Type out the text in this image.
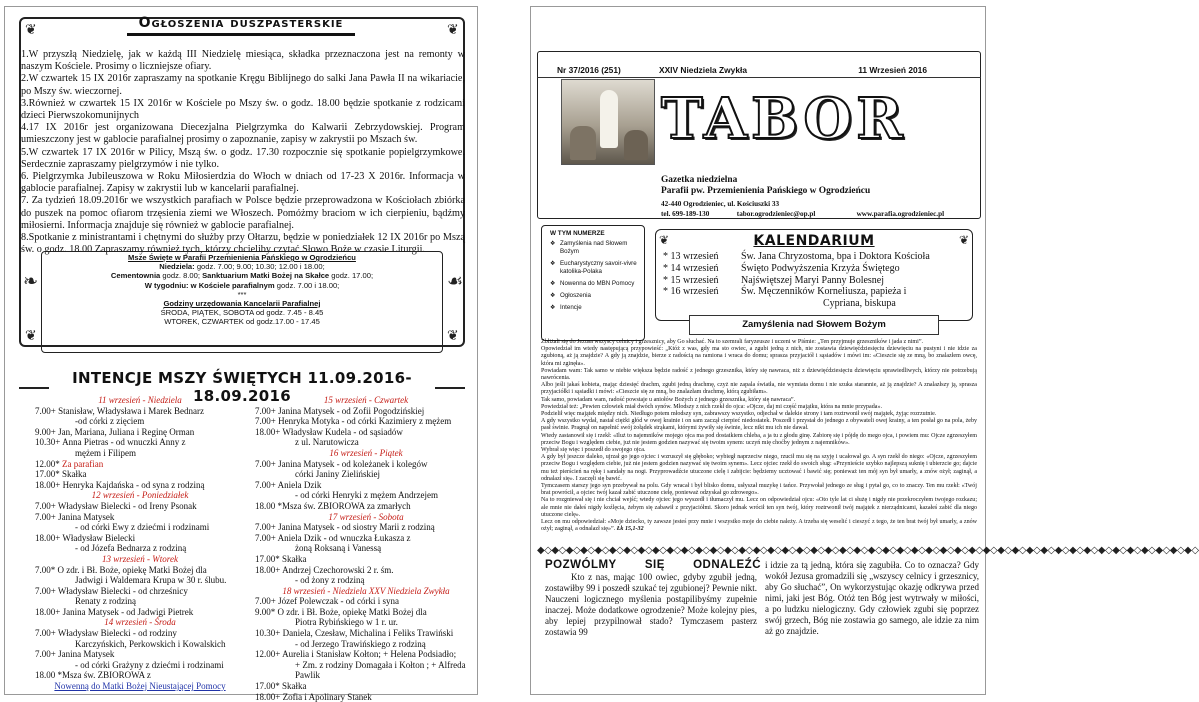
❦	❦
❦	❦
Ogłoszenia duszpasterskie

1.W przyszłą Niedzielę, jak w każdą III Niedzielę miesiąca, składka przeznaczona jest na remonty w naszym Kościele. Prosimy o liczniejsze ofiary.

2.W czwartek 15 IX 2016r zapraszamy na spotkanie Kręgu Biblijnego do salki Jana Pawła II na wikariacie, po Mszy św. wieczornej.

3.Również w czwartek 15 IX 2016r w Kościele po Mszy św. o godz. 18.00 będzie spotkanie z rodzicami dzieci Pierwszokomunijnych

4.17 IX 2016r jest organizowana Diecezjalna Pielgrzymka do Kalwarii Zebrzydowskiej. Program umieszczony jest w gablocie parafialnej prosimy o zapoznanie, zapisy w zakrystii po Mszach św.

5.W czwartek 17 IX 2016r w Pilicy, Mszą św. o godz. 17.30 rozpocznie się spotkanie popielgrzymkowe. Serdecznie zapraszamy pielgrzymów i nie tylko.

6. Pielgrzymka Jubileuszowa w Roku Miłosierdzia do Włoch w dniach od 17-23 X 2016r. Informacja w gablocie parafialnej. Zapisy w zakrystii lub w kancelarii parafialnej.

7. Za tydzień 18.09.2016r we wszystkich parafiach w Polsce będzie przeprowadzona w Kościołach zbiórka do puszek na pomoc ofiarom trzęsienia ziemi we Włoszech. Pomóżmy braciom w ich cierpieniu, bądźmy miłosierni. Informacja znajduje się również w gablocie parafialnej.

8.Spotkanie z ministrantami i chętnymi do służby przy Ołtarzu, będzie w poniedziałek 12 IX 2016r po Mszą św. o godz. 18.00 Zapraszamy również tych, którzy chcieliby czytać Słowo Boże w czasie Liturgii.

Msze Święte w Parafii Przemienienia Pańskiego w Ogrodzieńcu
Niedziela: godz. 7.00; 9.00; 10.30; 12.00 i 18.00;
Cementownia godz. 8.00; Sanktuarium Matki Bożej na Skałce godz. 17.00;
W tygodniu: w Kościele parafialnym godz. 7.00 i 18.00;
***
Godziny urzędowania Kancelarii Parafialnej
ŚRODA, PIĄTEK, SOBOTA od godz. 7.45 - 8.45
WTOREK, CZWARTEK od godz.17.00 - 17.45
❧	☙
INTENCJE MSZY ŚWIĘTYCH 11.09.2016-18.09.2016
11 wrzesień - Niedziela
7.00+ Stanisław, Władysława i Marek Bednarz
-od córki z zięciem
9.00+ Jan, Mariana, Juliana i Reginę Orman
10.30+ Anna Pietras - od wnuczki Anny z
mężem i Filipem
12.00* Za parafian
17.00* Skałka
18.00+ Henryka Kajdańska - od syna z rodziną
12 wrzesień - Poniedziałek
7.00+ Władysław Bielecki - od Ireny Psonak
7.00+ Janina Matysek
- od córki Ewy z dziećmi i rodzinami
18.00+ Władysław Bielecki
- od Józefa Bednarza z rodziną
13 wrzesień - Wtorek
7.00* O zdr. i Bł. Boże, opiekę Matki Bożej dla
Jadwigi i Waldemara Krupa w 30 r. ślubu.
7.00+ Władysław Bielecki - od chrześnicy
Renaty z rodziną
18.00+ Janina Matysek - od Jadwigi Pietrek
14 wrzesień - Środa
7.00+ Władysław Bielecki - od rodziny
Karczyńskich, Perkowskich i Kowalskich
7.00+ Janina Matysek
- od córki Grażyny z dziećmi i rodzinami
18.00 *Msza św. ZBIOROWA z
Nowenną do Matki Bożej Nieustającej Pomocy
15 wrzesień - Czwartek
7.00+ Janina Matysek - od Zofii Pogodzińskiej
7.00+ Henryka Motyka - od córki Kazimiery z mężem
18.00+ Władysław Kudela - od sąsiadów
z ul. Narutowicza
16 wrzesień - Piątek
7.00+ Janina Matysek - od koleżanek i kolegów
córki Janiny Zielińskiej
7.00+ Aniela Dzik
- od córki Henryki z mężem Andrzejem
18.00 *Msza św. ZBIOROWA za zmarłych
17 wrzesień - Sobota
7.00+ Janina Matysek - od siostry Marii z rodziną
7.00+ Aniela Dzik - od wnuczka Łukasza z
żoną Roksaną i Vanessą
17.00* Skałka
18.00+ Andrzej Czechorowski 2 r. śm.
- od żony z rodziną
18 wrzesień - Niedziela XXV Niedziela Zwykła
7.00+ Józef Polewczak - od córki i syna
9.00* O zdr. i Bł. Boże, opiekę Matki Bożej dla
Piotra Rybińskiego w 1 r. ur.
10.30+ Daniela, Czesław, Michalina i Feliks Trawiński
- od Jerzego Trawińskiego z rodziną
12.00+ Aurelia i Stanisław Kołton; + Helena Podsiadło;
+ Zm. z rodziny Domagała i Kołton ; + Alfreda Pawlik
17.00* Skałka
18.00+ Zofia i Apolinary Stanek
Nr 37/2016 (251)	XXIV Niedziela Zwykła	11 Wrzesień 2016
TABOR
Gazetka niedzielna
Parafii pw. Przemienienia Pańskiego w Ogrodzieńcu
42-440 Ogrodzieniec, ul. Kościuszki 33
tel. 699-189-130	tabor.ogrodzieniec@op.pl	www.parafia.ogrodzieniec.pl
W TYM NUMERZE
❖ Zamyślenia nad Słowem Bożym
❖ Eucharystyczny savoir-vivre katolika-Polaka
❖ Nowenna do MBN Pomocy
❖ Ogłoszenia
❖ Intencje
❦	❦
KALENDARIUM
* 13 wrzesień Św. Jana Chryzostoma, bpa i Doktora Kościoła
* 14 wrzesień Święto Podwyższenia Krzyża Świętego
* 15 wrzesień Najświętszej Maryi Panny Bolesnej
* 16 wrzesień Św. Męczenników Korneliusza, papieża i
Cypriana, biskupa
Zamyślenia nad Słowem Bożym

Zbliżali się do Jezusa wszyscy celnicy i grzesznicy, aby Go słuchać. Na to szemrali faryzeusze i uczeni w Piśmie: „Ten przyjmuje grzeszników i jada z nimi”.

Opowiedział im wtedy następującą przypowieść: „Któż z was, gdy ma sto owiec, a zgubi jedną z nich, nie zostawia dziewięćdziesięciu dziewięciu na pustyni i nie idzie za zgubioną, aż ją znajdzie? A gdy ją znajdzie, bierze z radością na ramiona i wraca do domu; sprasza przyjaciół i sąsiadów i mówi im: «Cieszcie się ze mną, bo znalazłem owcę, która mi zginęła».

Powiadam wam: Tak samo w niebie większa będzie radość z jednego grzesznika, który się nawraca, niż z dziewięćdziesięciu dziewięciu sprawiedliwych, którzy nie potrzebują nawrócenia.

Albo jeśli jakaś kobieta, mając dziesięć drachm, zgubi jedną drachmę, czyż nie zapala światła, nie wymiata domu i nie szuka starannie, aż ją znajdzie? A znalazłszy ją, sprasza przyjaciółki i sąsiadki i mówi: «Cieszcie się ze mną, bo znalazłam drachmę, którą zgubiłam».

Tak samo, powiadam wam, radość powstaje u aniołów Bożych z jednego grzesznika, który się nawraca”.

Powiedział też: „Pewien człowiek miał dwóch synów. Młodszy z nich rzekł do ojca: «Ojcze, daj mi część majątku, która na mnie przypada».

Podzielił więc majątek między nich. Niedługo potem młodszy syn, zabrawszy wszystko, odjechał w dalekie strony i tam roztrwonił swój majątek, żyjąc rozrzutnie.

A gdy wszystko wydał, nastał ciężki głód w owej krainie i on sam zaczął cierpieć niedostatek. Poszedł i przystał do jednego z obywateli owej krainy, a ten posłał go na pola, żeby pasł świnie. Pragnął on napełnić swój żołądek strąkami, którymi żywiły się świnie, lecz nikt mu ich nie dawał.

Wtedy zastanowił się i rzekł: «Iluż to najemników mojego ojca ma pod dostatkiem chleba, a ja tu z głodu ginę. Zabiorę się i pójdę do mego ojca, i powiem mu: Ojcze zgrzeszyłem przeciw Bogu i względem ciebie, już nie jestem godzien nazywać się twoim synem: uczyń mię choćby jednym z najemników».

Wybrał się więc i poszedł do swojego ojca.

A gdy był jeszcze daleko, ujrzał go jego ojciec i wzruszył się głęboko; wybiegł naprzeciw niego, rzucił mu się na szyję i ucałował go. A syn rzekł do niego: «Ojcze, zgrzeszyłem przeciw Bogu i względem ciebie, już nie jestem godzien nazywać się twoim synem». Lecz ojciec rzekł do swoich sług: «Przynieście szybko najlepszą suknię i ubierzcie go; dajcie mu też pierścień na rękę i sandały na nogi. Przyprowadźcie utuczone cielę i zabijcie: będziemy ucztować i bawić się; ponieważ ten mój syn był umarły, a znów ożył; zaginął, a odnalazł się». I zaczęli się bawić.

Tymczasem starszy jego syn przebywał na polu. Gdy wracał i był blisko domu, usłyszał muzykę i tańce. Przywołał jednego ze sług i pytał go, co to znaczy. Ten mu rzekł: «Twój brat powrócił, a ojciec twój kazał zabić utuczone cielę, ponieważ odzyskał go zdrowego».

Na to rozgniewał się i nie chciał wejść; wtedy ojciec jego wyszedł i tłumaczył mu. Lecz on odpowiedział ojcu: «Oto tyle lat ci służę i nigdy nie przekroczyłem twojego rozkazu; ale mnie nie dałeś nigdy koźlęcia, żebym się zabawił z przyjaciółmi. Skoro jednak wrócił ten syn twój, który roztrwonił twój majątek z nierządnicami, kazałeś zabić dla niego utuczone cielę».

Lecz on mu odpowiedział: «Moje dziecko, ty zawsze jesteś przy mnie i wszystko moje do ciebie należy. A trzeba się weselić i cieszyć z tego, że ten brat twój był umarły, a znów ożył; zaginął, a odnalazł się»”. Łk 15,1-32

◆◇◆◇◆◇◆◇◆◇◆◇◆◇◆◇◆◇◆◇◆◇◆◇◆◇◆◇◆◇◆◇◆◇◆◇◆◇◆◇◆◇◆◇◆◇◆◇◆◇◆◇◆◇◆◇◆◇◆◇◆◇◆◇◆◇◆◇◆◇◆◇◆◇◆◇◆◇◆◇◆◇◆◇◆◇◆◇◆◇◆◇
POZWÓLMY SIĘ ODNALEŹĆ
Kto z nas, mając 100 owiec, gdyby zgubił jedną, zostawiłby 99 i poszedł szukać tej zgubionej? Pewnie nikt. Nauczeni logicznego myślenia postąpilibyśmy zupełnie inaczej. Może dodatkowe ogrodzenie? Może kolejny pies, aby lepiej przypilnował stado? Tymczasem pasterz zostawia 99
i idzie za tą jedną, która się zagubiła. Co to oznacza? Gdy wokół Jezusa gromadzili się „wszyscy celnicy i grzesznicy, aby Go słuchać”, On wykorzystując okazję odkrywa przed nimi, jaki jest Bóg. Otóż ten Bóg jest wytrwały w miłości, a po ludzku nielogiczny. Gdy człowiek zgubi się poprzez swój grzech, Bóg nie zostawia go samego, ale idzie za nim aż go znajdzie.
